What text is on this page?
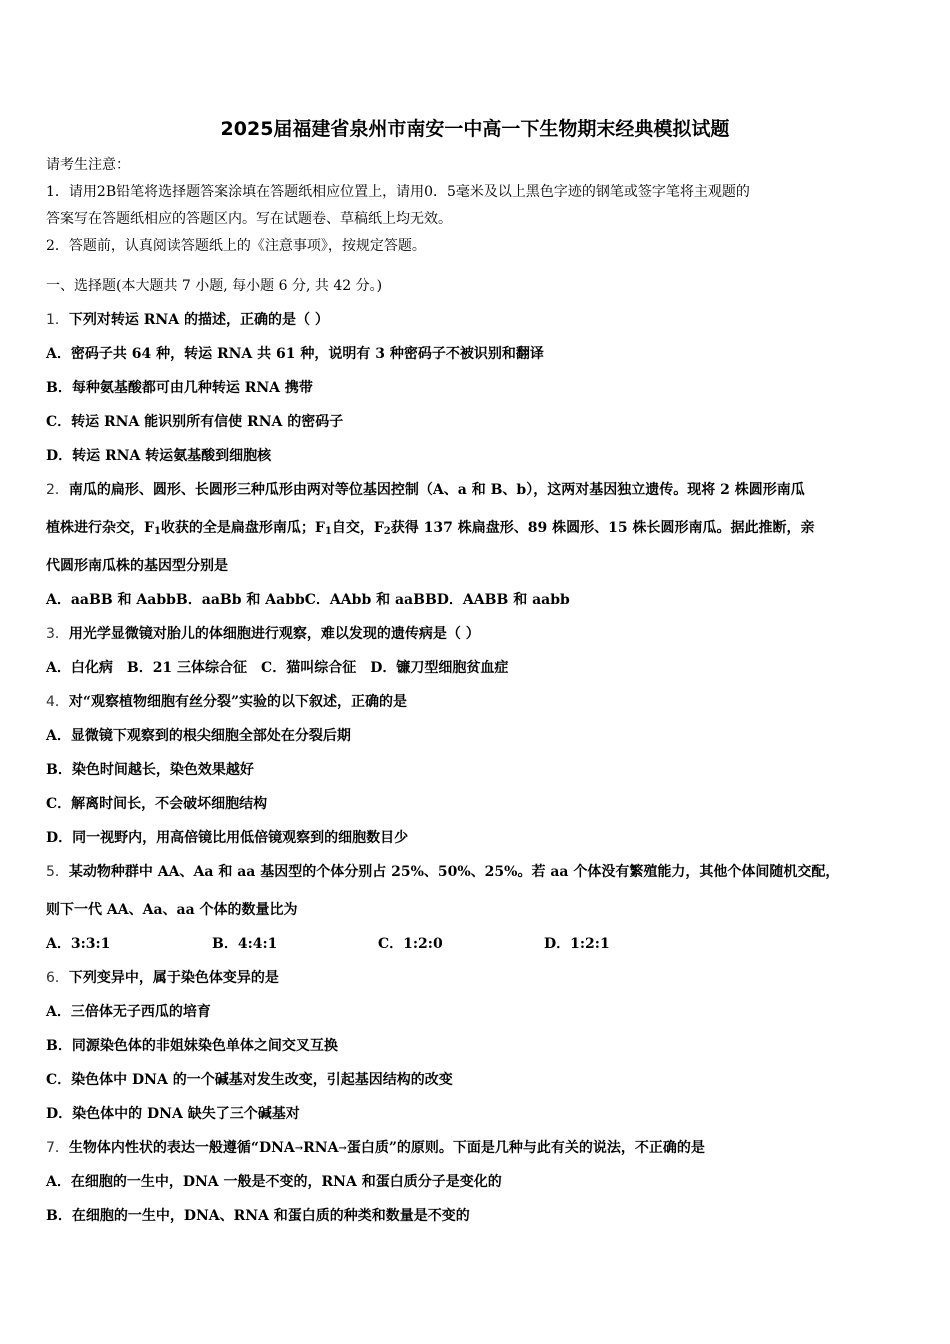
2025届福建省泉州市南安一中高一下生物期末经典模拟试题
请考生注意：
1．请用2B铅笔将选择题答案涂填在答题纸相应位置上，请用0．5毫米及以上黑色字迹的钢笔或签字笔将主观题的
答案写在答题纸相应的答题区内。写在试题卷、草稿纸上均无效。
2．答题前，认真阅读答题纸上的《注意事项》，按规定答题。
一、选择题(本大题共 7 小题, 每小题 6 分, 共 42 分。)
1．下列对转运 RNA 的描述，正确的是（ ）
A．密码子共 64 种，转运 RNA 共 61 种，说明有 3 种密码子不被识别和翻译
B．每种氨基酸都可由几种转运 RNA 携带
C．转运 RNA 能识别所有信使 RNA 的密码子
D．转运 RNA 转运氨基酸到细胞核
2．南瓜的扁形、圆形、长圆形三种瓜形由两对等位基因控制（A、a 和 B、b），这两对基因独立遗传。现将 2 株圆形南瓜
植株进行杂交，$F_1$收获的全是扁盘形南瓜；$F_1$自交，$F_2$获得 137 株扁盘形、89 株圆形、15 株长圆形南瓜。据此推断，亲
代圆形南瓜株的基因型分别是
A．aaBB 和 AabbB．aaBb 和 AabbC．AAbb 和 aaBBD．AABB 和 aabb
3．用光学显微镜对胎儿的体细胞进行观察，难以发现的遗传病是（ ）
A．白化病　B．21 三体综合征　C．猫叫综合征　D．镰刀型细胞贫血症
4．对“观察植物细胞有丝分裂”实验的以下叙述，正确的是
A．显微镜下观察到的根尖细胞全部处在分裂后期
B．染色时间越长，染色效果越好
C．解离时间长，不会破坏细胞结构
D．同一视野内，用高倍镜比用低倍镜观察到的细胞数目少
5．某动物种群中 AA、Aa 和 aa 基因型的个体分别占 25%、50%、25%。若 aa 个体没有繁殖能力，其他个体间随机交配，
则下一代 AA、Aa、aa 个体的数量比为
A．3:3:1	B．4:4:1	C．1:2:0	D．1:2:1
6．下列变异中，属于染色体变异的是
A．三倍体无子西瓜的培育
B．同源染色体的非姐妹染色单体之间交叉互换
C．染色体中 DNA 的一个碱基对发生改变，引起基因结构的改变
D．染色体中的 DNA 缺失了三个碱基对
7．生物体内性状的表达一般遵循“DNA→RNA→蛋白质”的原则。下面是几种与此有关的说法，不正确的是
A．在细胞的一生中，DNA 一般是不变的，RNA 和蛋白质分子是变化的
B．在细胞的一生中，DNA、RNA 和蛋白质的种类和数量是不变的
